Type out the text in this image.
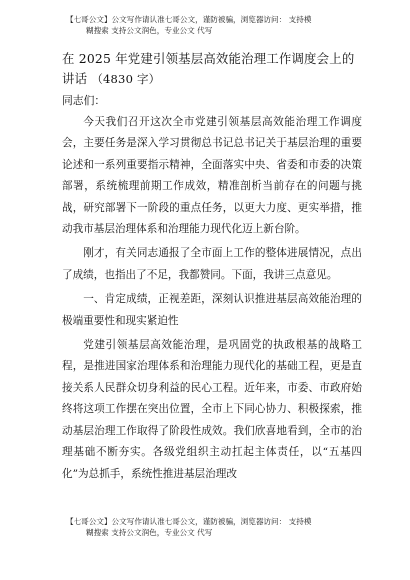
【七哥公文】公文写作请认准七哥公文，谨防被骗，浏览器访问： 支持模
糊搜索 支持公文润色，专业公文 代写
在 2025 年党建引领基层高效能治理工作调度会上的讲话 （4830 字）
同志们：

今天我们召开这次全市党建引领基层高效能治理工作调度会，主要任务是深入学习贯彻总书记总书记关于基层治理的重要论述和一系列重要指示精神，全面落实中央、省委和市委的决策部署，系统梳理前期工作成效，精准剖析当前存在的问题与挑战，研究部署下一阶段的重点任务，以更大力度、更实举措，推动我市基层治理体系和治理能力现代化迈上新台阶。

刚才，有关同志通报了全市面上工作的整体进展情况，点出了成绩，也指出了不足，我都赞同。下面，我讲三点意见。

一、肯定成绩，正视差距，深刻认识推进基层高效能治理的极端重要性和现实紧迫性

党建引领基层高效能治理，是巩固党的执政根基的战略工程，是推进国家治理体系和治理能力现代化的基础工程，更是直接关系人民群众切身利益的民心工程。近年来，市委、市政府始终将这项工作摆在突出位置，全市上下同心协力、积极探索，推动基层治理工作取得了阶段性成效。我们欣喜地看到，全市的治理基础不断夯实。各级党组织主动扛起主体责任，以“五基四化”为总抓手，系统性推进基层治理改

【七哥公文】公文写作请认准七哥公文，谨防被骗，浏览器访问： 支持模
糊搜索 支持公文润色，专业公文 代写
